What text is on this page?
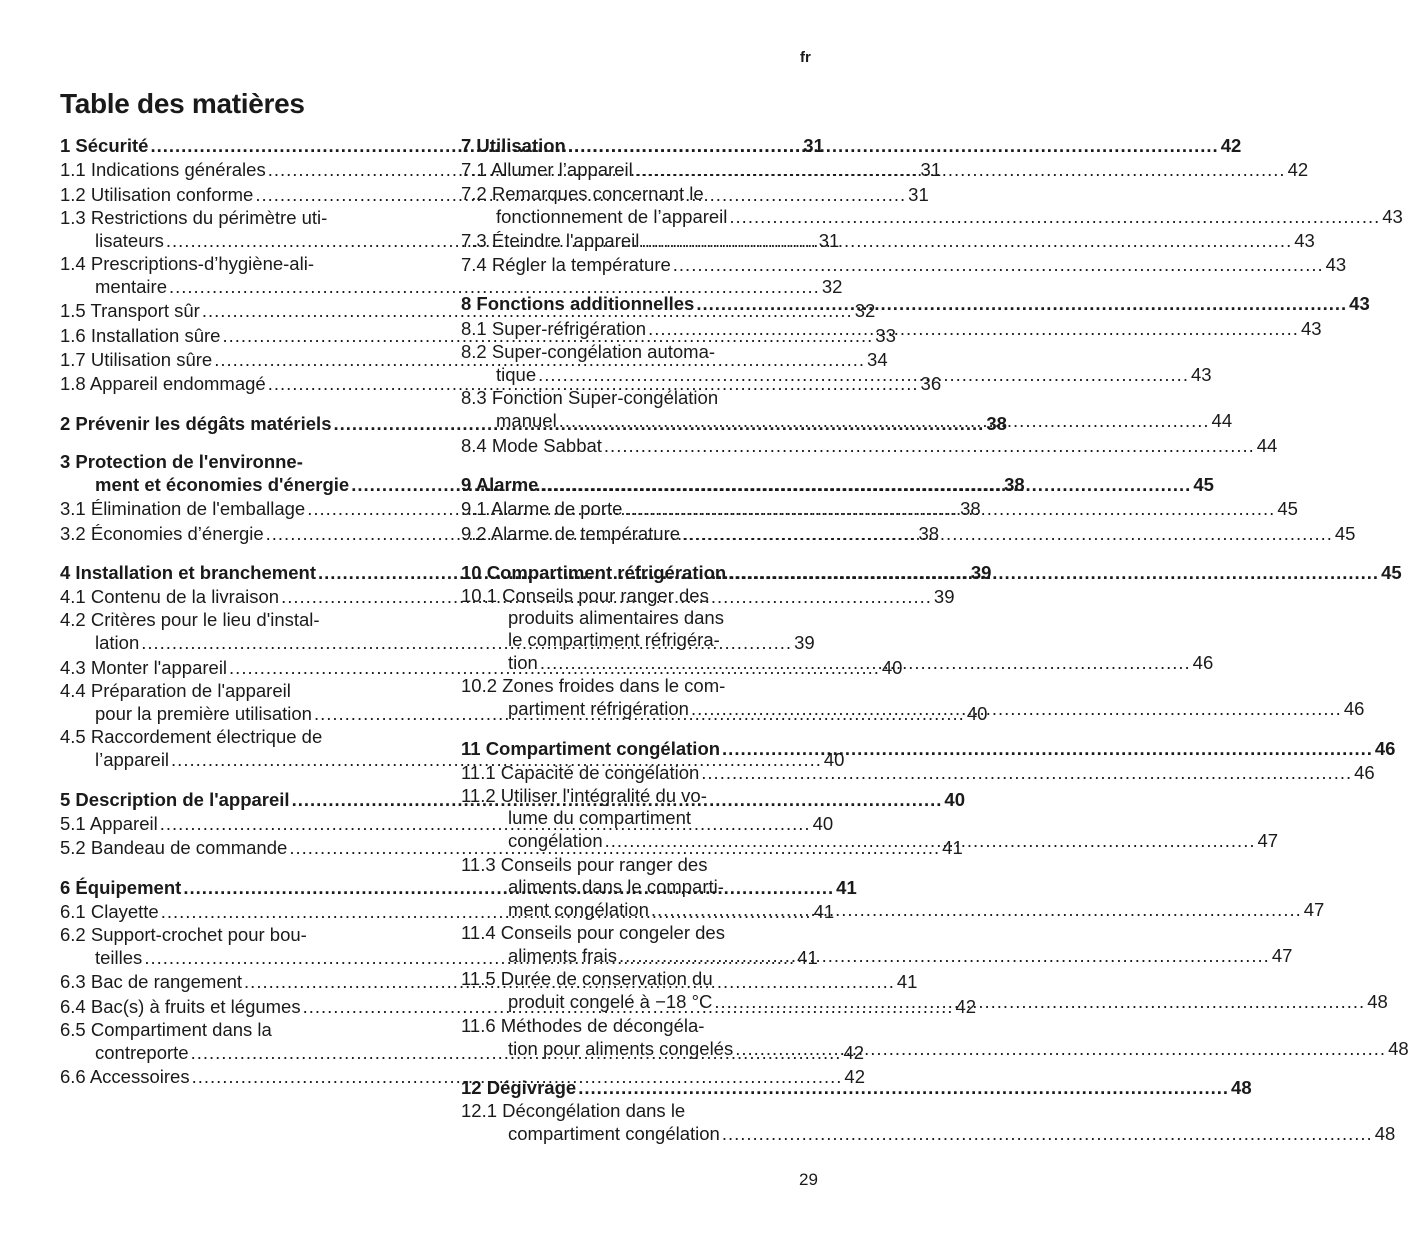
fr
Table des matières
1 Sécurité .....	31
1.1 Indications générales .....	31
1.2 Utilisation conforme .....	31
1.3 Restrictions du périmètre uti-
lisateurs .....	31
1.4 Prescriptions-d’hygiène-ali-
mentaire .....	32
1.5 Transport sûr .....	32
1.6 Installation sûre .....	33
1.7 Utilisation sûre .....	34
1.8 Appareil endommagé .....	36
2 Prévenir les dégâts matériels .....	38
3 Protection de l'environne-
ment et économies d'énergie .....	38
3.1 Élimination de l'emballage .....	38
3.2 Économies d’énergie .....	38
4 Installation et branchement .....	39
4.1 Contenu de la livraison .....	39
4.2 Critères pour le lieu d'instal-
lation .....	39
4.3 Monter l'appareil .....	40
4.4 Préparation de l'appareil
pour la première utilisation .....	40
4.5 Raccordement électrique de
l’appareil .....	40
5 Description de l'appareil .....	40
5.1 Appareil .....	40
5.2 Bandeau de commande .....	41
6 Équipement .....	41
6.1 Clayette .....	41
6.2 Support-crochet pour bou-
teilles .....	41
6.3 Bac de rangement .....	41
6.4 Bac(s) à fruits et légumes .....	42
6.5 Compartiment dans la
contreporte .....	42
6.6 Accessoires .....	42
7 Utilisation .....	42
7.1 Allumer l’appareil .....	42
7.2 Remarques concernant le
fonctionnement de l’appareil .....	43
7.3 Éteindre l'appareil .....	43
7.4 Régler la température .....	43
8 Fonctions additionnelles .....	43
8.1 Super-réfrigération .....	43
8.2 Super-congélation automa-
tique .....	43
8.3 Fonction Super-congélation
manuel .....	44
8.4 Mode Sabbat .....	44
9 Alarme .....	45
9.1 Alarme de porte .....	45
9.2 Alarme de température .....	45
10 Compartiment réfrigération .....	45
10.1 Conseils pour ranger des
produits alimentaires dans
le compartiment réfrigéra-
tion .....	46
10.2 Zones froides dans le com-
partiment réfrigération .....	46
11 Compartiment congélation .....	46
11.1 Capacité de congélation .....	46
11.2 Utiliser l'intégralité du vo-
lume du compartiment
congélation .....	47
11.3 Conseils pour ranger des
aliments dans le comparti-
ment congélation .....	47
11.4 Conseils pour congeler des
aliments frais .....	47
11.5 Durée de conservation du
produit congelé à −18 °C .....	48
11.6 Méthodes de décongéla-
tion pour aliments congelés .....	48
12 Dégivrage .....	48
12.1 Décongélation dans le
compartiment congélation .....	48
29
